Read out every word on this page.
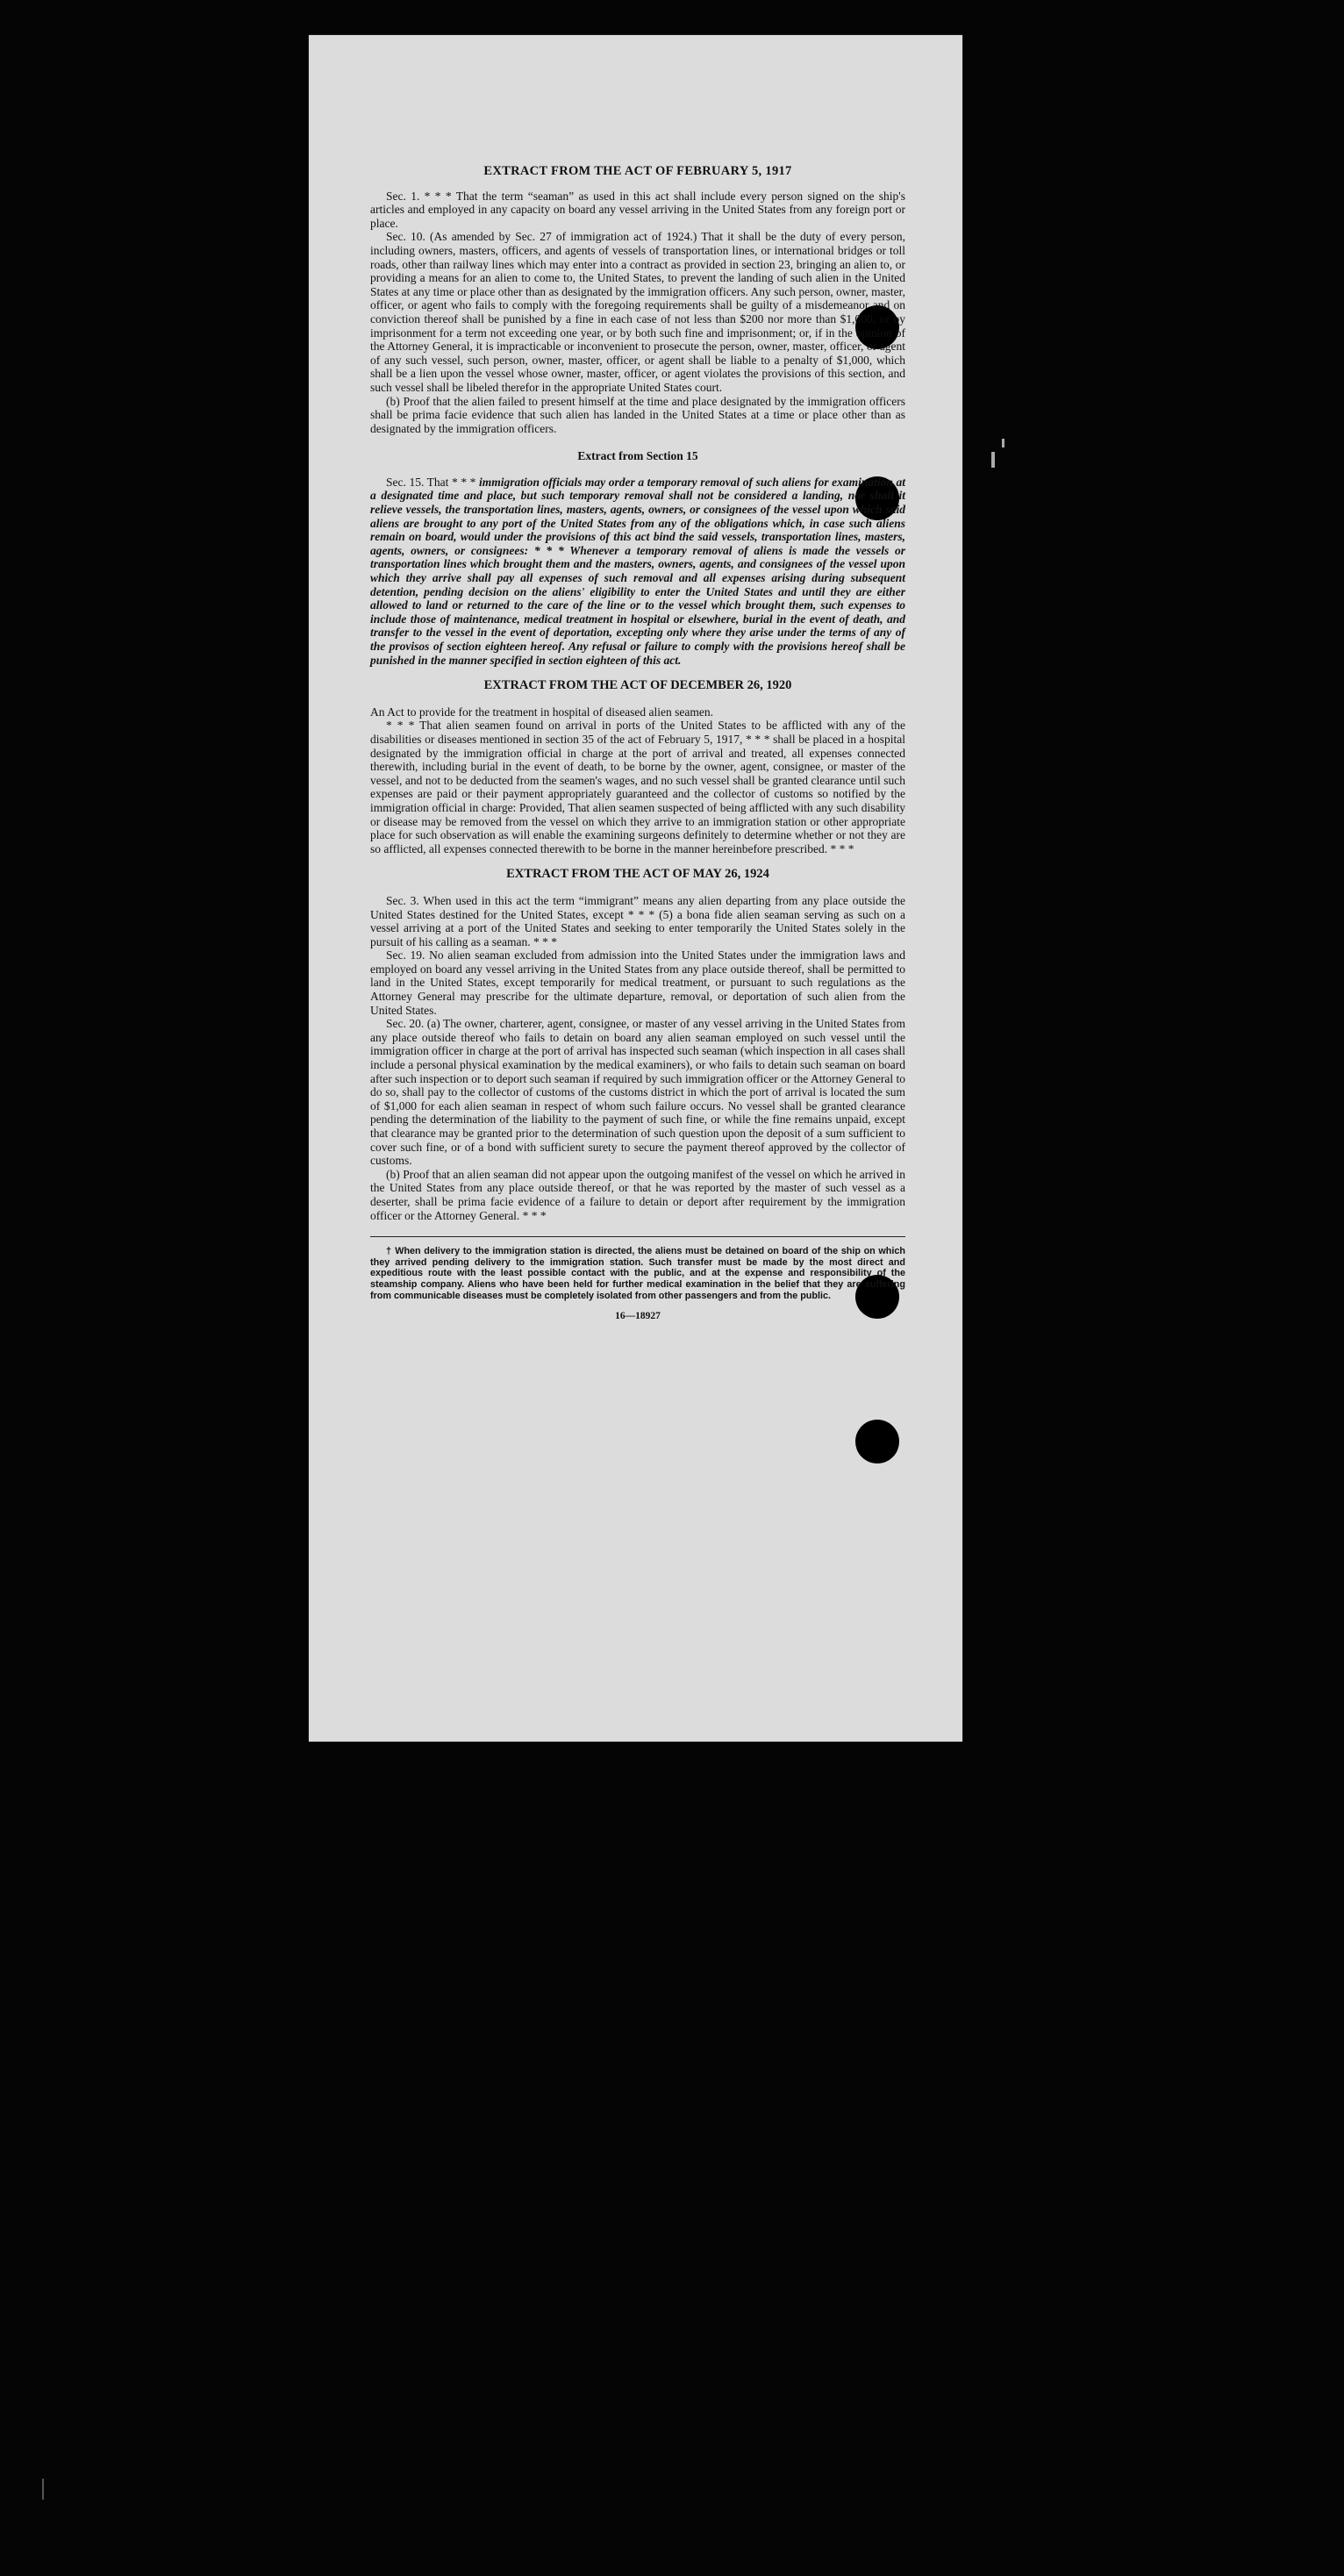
EXTRACT FROM THE ACT OF FEBRUARY 5, 1917

Sec. 1. * * * That the term “seaman” as used in this act shall include every person signed on the ship's articles and employed in any capacity on board any vessel arriving in the United States from any foreign port or place.

Sec. 10. (As amended by Sec. 27 of immigration act of 1924.) That it shall be the duty of every person, including owners, masters, officers, and agents of vessels of transportation lines, or international bridges or toll roads, other than railway lines which may enter into a contract as provided in section 23, bringing an alien to, or providing a means for an alien to come to, the United States, to prevent the landing of such alien in the United States at any time or place other than as designated by the immigration officers. Any such person, owner, master, officer, or agent who fails to comply with the foregoing requirements shall be guilty of a misdemeanor and on conviction thereof shall be punished by a fine in each case of not less than $200 nor more than $1,000, or by imprisonment for a term not exceeding one year, or by both such fine and imprisonment; or, if in the opinion of the Attorney General, it is impracticable or inconvenient to prosecute the person, owner, master, officer, or agent of any such vessel, such person, owner, master, officer, or agent shall be liable to a penalty of $1,000, which shall be a lien upon the vessel whose owner, master, officer, or agent violates the provisions of this section, and such vessel shall be libeled therefor in the appropriate United States court.

(b) Proof that the alien failed to present himself at the time and place designated by the immigration officers shall be prima facie evidence that such alien has landed in the United States at a time or place other than as designated by the immigration officers.

Extract from Section 15

Sec. 15. That * * * immigration officials may order a temporary removal of such aliens for examination at a designated time and place, but such temporary removal shall not be considered a landing, nor shall it relieve vessels, the transportation lines, masters, agents, owners, or consignees of the vessel upon which said aliens are brought to any port of the United States from any of the obligations which, in case such aliens remain on board, would under the provisions of this act bind the said vessels, transportation lines, masters, agents, owners, or consignees: * * * Whenever a temporary removal of aliens is made the vessels or transportation lines which brought them and the masters, owners, agents, and consignees of the vessel upon which they arrive shall pay all expenses of such removal and all expenses arising during subsequent detention, pending decision on the aliens' eligibility to enter the United States and until they are either allowed to land or returned to the care of the line or to the vessel which brought them, such expenses to include those of maintenance, medical treatment in hospital or elsewhere, burial in the event of death, and transfer to the vessel in the event of deportation, excepting only where they arise under the terms of any of the provisos of section eighteen hereof. Any refusal or failure to comply with the provisions hereof shall be punished in the manner specified in section eighteen of this act.

EXTRACT FROM THE ACT OF DECEMBER 26, 1920

An Act to provide for the treatment in hospital of diseased alien seamen.

* * * That alien seamen found on arrival in ports of the United States to be afflicted with any of the disabilities or diseases mentioned in section 35 of the act of February 5, 1917, * * * shall be placed in a hospital designated by the immigration official in charge at the port of arrival and treated, all expenses connected therewith, including burial in the event of death, to be borne by the owner, agent, consignee, or master of the vessel, and not to be deducted from the seamen's wages, and no such vessel shall be granted clearance until such expenses are paid or their payment appropriately guaranteed and the collector of customs so notified by the immigration official in charge: Provided, That alien seamen suspected of being afflicted with any such disability or disease may be removed from the vessel on which they arrive to an immigration station or other appropriate place for such observation as will enable the examining surgeons definitely to determine whether or not they are so afflicted, all expenses connected therewith to be borne in the manner hereinbefore prescribed. * * *

EXTRACT FROM THE ACT OF MAY 26, 1924

Sec. 3. When used in this act the term “immigrant” means any alien departing from any place outside the United States destined for the United States, except * * * (5) a bona fide alien seaman serving as such on a vessel arriving at a port of the United States and seeking to enter temporarily the United States solely in the pursuit of his calling as a seaman. * * *

Sec. 19. No alien seaman excluded from admission into the United States under the immigration laws and employed on board any vessel arriving in the United States from any place outside thereof, shall be permitted to land in the United States, except temporarily for medical treatment, or pursuant to such regulations as the Attorney General may prescribe for the ultimate departure, removal, or deportation of such alien from the United States.

Sec. 20. (a) The owner, charterer, agent, consignee, or master of any vessel arriving in the United States from any place outside thereof who fails to detain on board any alien seaman employed on such vessel until the immigration officer in charge at the port of arrival has inspected such seaman (which inspection in all cases shall include a personal physical examination by the medical examiners), or who fails to detain such seaman on board after such inspection or to deport such seaman if required by such immigration officer or the Attorney General to do so, shall pay to the collector of customs of the customs district in which the port of arrival is located the sum of $1,000 for each alien seaman in respect of whom such failure occurs. No vessel shall be granted clearance pending the determination of the liability to the payment of such fine, or while the fine remains unpaid, except that clearance may be granted prior to the determination of such question upon the deposit of a sum sufficient to cover such fine, or of a bond with sufficient surety to secure the payment thereof approved by the collector of customs.

(b) Proof that an alien seaman did not appear upon the outgoing manifest of the vessel on which he arrived in the United States from any place outside thereof, or that he was reported by the master of such vessel as a deserter, shall be prima facie evidence of a failure to detain or deport after requirement by the immigration officer or the Attorney General. * * *

† When delivery to the immigration station is directed, the aliens must be detained on board of the ship on which they arrived pending delivery to the immigration station. Such transfer must be made by the most direct and expeditious route with the least possible contact with the public, and at the expense and responsibility of the steamship company. Aliens who have been held for further medical examination in the belief that they are suffering from communicable diseases must be completely isolated from other passengers and from the public.

16—18927
